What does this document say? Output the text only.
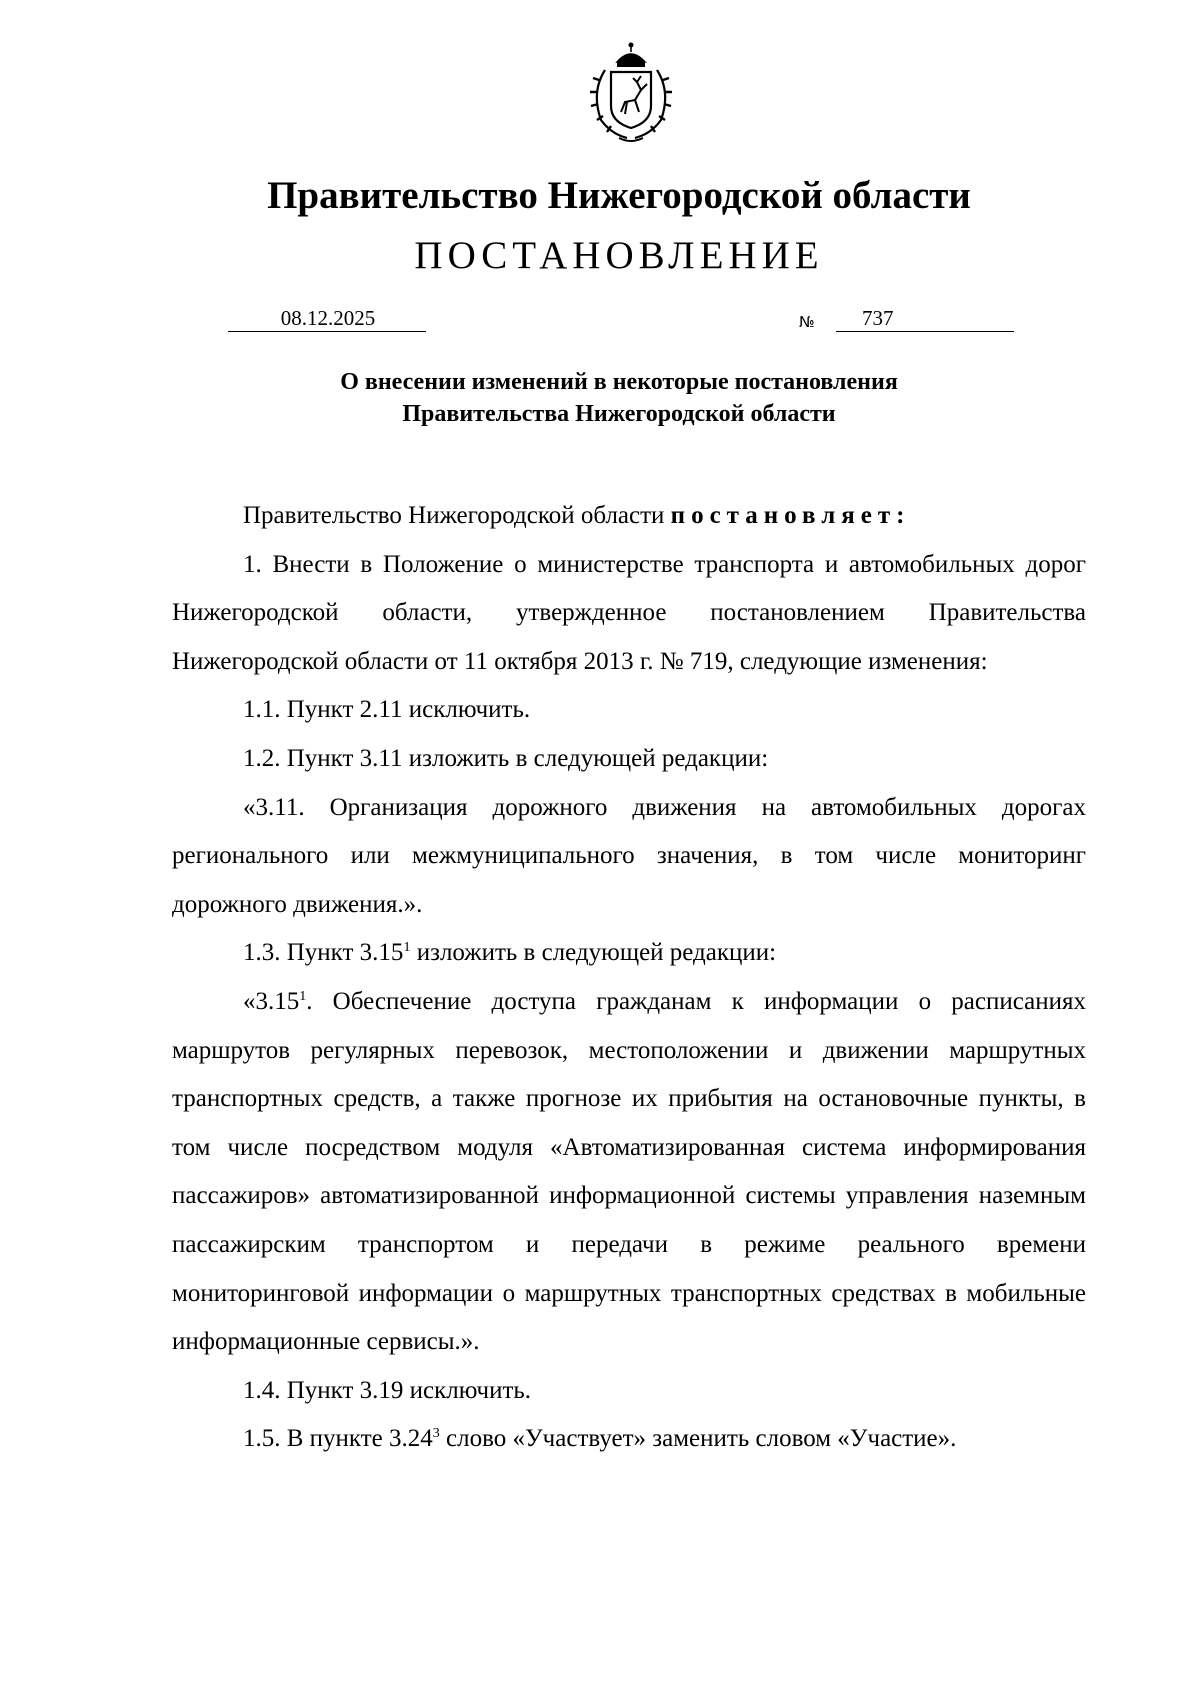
Правительство Нижегородской области
ПОСТАНОВЛЕНИЕ
08.12.2025	№	737
О внесении изменений в некоторые постановления
Правительства Нижегородской области

Правительство Нижегородской области постановляет:

1. Внести в Положение о министерстве транспорта и автомобильных дорог Нижегородской области, утвержденное постановлением Правительства Нижегородской области от 11 октября 2013 г. № 719, следующие изменения:

1.1. Пункт 2.11 исключить.

1.2. Пункт 3.11 изложить в следующей редакции:

«3.11. Организация дорожного движения на автомобильных дорогах регионального или межмуниципального значения, в том числе мониторинг дорожного движения.».

1.3. Пункт 3.15$^1$ изложить в следующей редакции:

«3.15$^1$. Обеспечение доступа гражданам к информации о расписаниях маршрутов регулярных перевозок, местоположении и движении маршрутных транспортных средств, а также прогнозе их прибытия на остановочные пункты, в том числе посредством модуля «Автоматизированная система информирования пассажиров» автоматизированной информационной системы управления наземным пассажирским транспортом и передачи в режиме реального времени мониторинговой информации о маршрутных транспортных средствах в мобильные информационные сервисы.».

1.4. Пункт 3.19 исключить.

1.5. В пункте 3.24$^3$ слово «Участвует» заменить словом «Участие».
